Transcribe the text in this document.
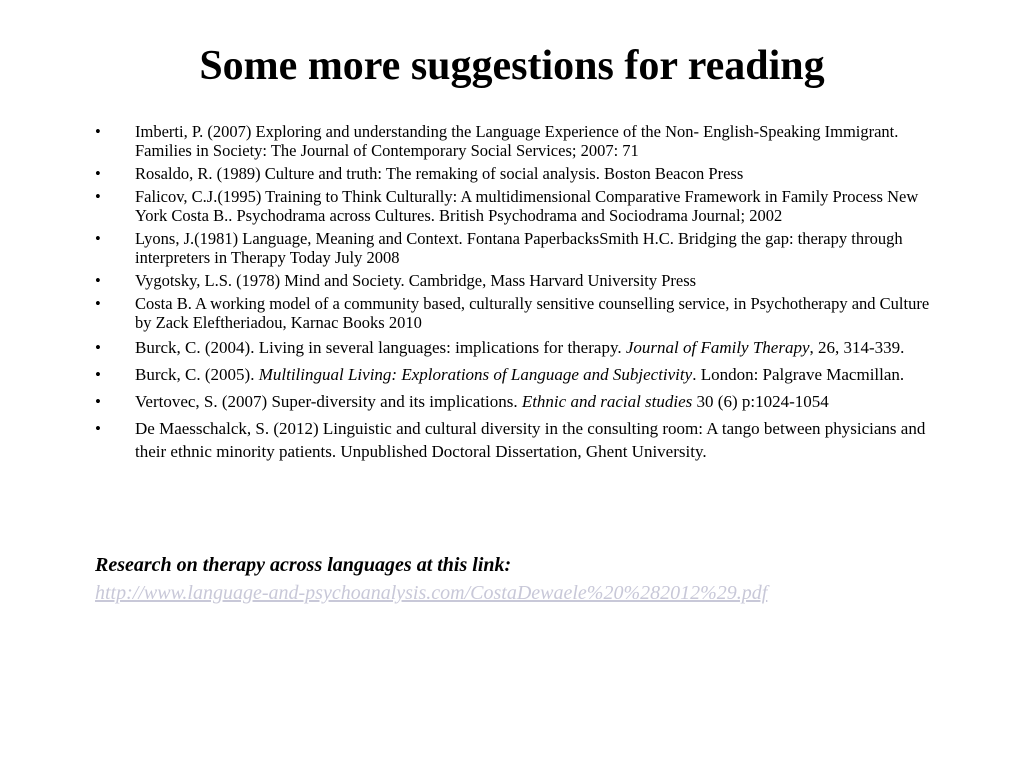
Some more suggestions for reading
•	Imberti, P. (2007) Exploring and understanding the Language Experience of the Non- English-Speaking Immigrant. Families in Society: The Journal of Contemporary Social Services; 2007: 71
•	Rosaldo, R. (1989) Culture and truth: The remaking of social analysis. Boston Beacon Press
•	Falicov, C.J.(1995) Training to Think Culturally: A multidimensional Comparative Framework in Family Process New York Costa B.. Psychodrama across Cultures. British Psychodrama and Sociodrama Journal; 2002
•	Lyons, J.(1981) Language, Meaning and Context. Fontana PaperbacksSmith H.C. Bridging the gap: therapy through interpreters in Therapy Today July 2008
•	Vygotsky, L.S. (1978) Mind and Society. Cambridge, Mass Harvard University Press
•	Costa B. A working model of a community based, culturally sensitive counselling service, in Psychotherapy and Culture by Zack Eleftheriadou, Karnac Books 2010
•	Burck, C. (2004). Living in several languages: implications for therapy. Journal of Family Therapy, 26, 314-339.
•	Burck, C. (2005). Multilingual Living: Explorations of Language and Subjectivity. London: Palgrave Macmillan.
•	Vertovec, S. (2007) Super-diversity and its implications. Ethnic and racial studies 30 (6) p:1024-1054
•	De Maesschalck, S. (2012) Linguistic and cultural diversity in the consulting room: A tango between physicians and their ethnic minority patients. Unpublished Doctoral Dissertation, Ghent University.
Research on therapy across languages at this link:
http://www.language-and-psychoanalysis.com/CostaDewaele%20%282012%29.pdf
